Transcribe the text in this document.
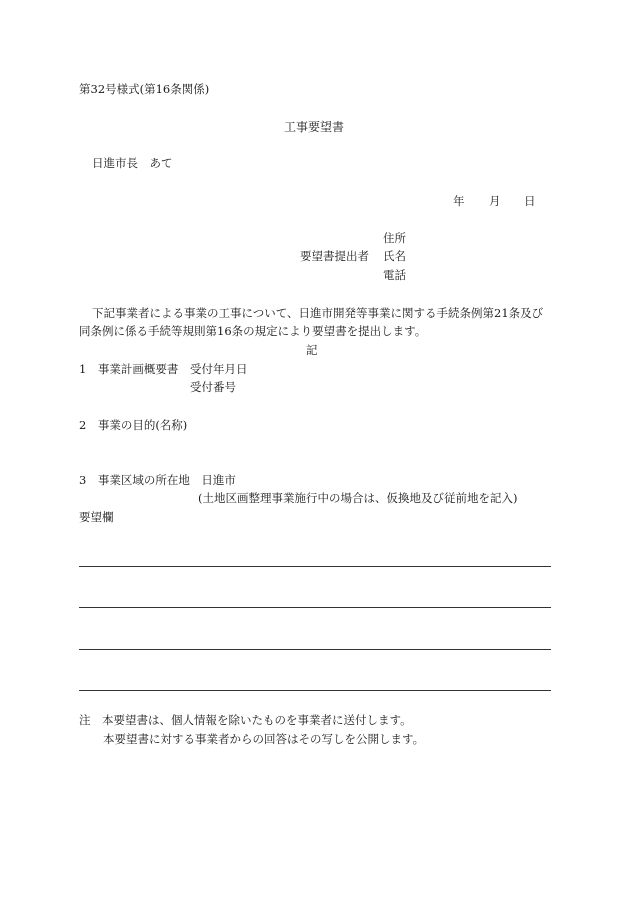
第32号様式(第16条関係)
工事要望書
日進市長　あて
年 月 日
住所
要望書提出者 氏名
電話
下記事業者による事業の工事について、日進市開発等事業に関する手続条例第21条及び
同条例に係る手続等規則第16条の規定により要望書を提出します。
記
1　事業計画概要書 受付年月日
受付番号
2　事業の目的(名称)
3　事業区域の所在地　日進市
(土地区画整理事業施行中の場合は、仮換地及び従前地を記入)
要望欄
注　本要望書は、個人情報を除いたものを事業者に送付します。
本要望書に対する事業者からの回答はその写しを公開します。
